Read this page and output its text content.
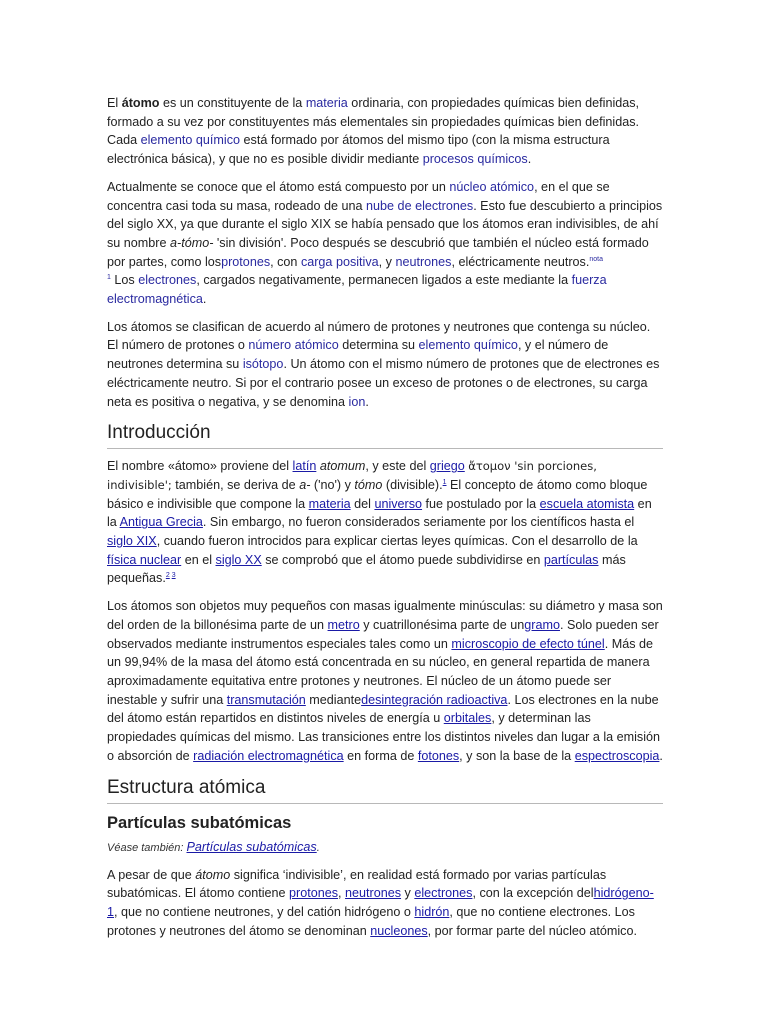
El átomo es un constituyente de la materia ordinaria, con propiedades químicas bien definidas, formado a su vez por constituyentes más elementales sin propiedades químicas bien definidas. Cada elemento químico está formado por átomos del mismo tipo (con la misma estructura electrónica básica), y que no es posible dividir mediante procesos químicos.

Actualmente se conoce que el átomo está compuesto por un núcleo atómico, en el que se concentra casi toda su masa, rodeado de una nube de electrones. Esto fue descubierto a principios del siglo XX, ya que durante el siglo XIX se había pensado que los átomos eran indivisibles, de ahí su nombre a-tómo- 'sin división'. Poco después se descubrió que también el núcleo está formado por partes, como losprotones, con carga positiva, y neutrones, eléctricamente neutros.$^{nota}$
$^1$ Los electrones, cargados negativamente, permanecen ligados a este mediante la fuerza electromagnética.

Los átomos se clasifican de acuerdo al número de protones y neutrones que contenga su núcleo. El número de protones o número atómico determina su elemento químico, y el número de neutrones determina su isótopo. Un átomo con el mismo número de protones que de electrones es eléctricamente neutro. Si por el contrario posee un exceso de protones o de electrones, su carga neta es positiva o negativa, y se denomina ion.

Introducción

El nombre «átomo» proviene del latín atomum, y este del griego ἄτομον 'sin porciones, indivisible'; también, se deriva de a- ('no') y tómo (divisible).$^1$ El concepto de átomo como bloque básico e indivisible que compone la materia del universo fue postulado por la escuela atomista en la Antigua Grecia. Sin embargo, no fueron considerados seriamente por los científicos hasta el siglo XIX, cuando fueron introcidos para explicar ciertas leyes químicas. Con el desarrollo de la física nuclear en el siglo XX se comprobó que el átomo puede subdividirse en partículas más pequeñas.$^{2 3}$

Los átomos son objetos muy pequeños con masas igualmente minúsculas: su diámetro y masa son del orden de la billonésima parte de un metro y cuatrillonésima parte de ungramo. Solo pueden ser observados mediante instrumentos especiales tales como un microscopio de efecto túnel. Más de un 99,94% de la masa del átomo está concentrada en su núcleo, en general repartida de manera aproximadamente equitativa entre protones y neutrones. El núcleo de un átomo puede ser inestable y sufrir una transmutación mediantedesintegración radioactiva. Los electrones en la nube del átomo están repartidos en distintos niveles de energía u orbitales, y determinan las propiedades químicas del mismo. Las transiciones entre los distintos niveles dan lugar a la emisión o absorción de radiación electromagnética en forma de fotones, y son la base de la espectroscopia.

Estructura atómica
Partículas subatómicas
Véase también: Partículas subatómicas.

A pesar de que átomo significa ‘indivisible’, en realidad está formado por varias partículas subatómicas. El átomo contiene protones, neutrones y electrones, con la excepción delhidrógeno-1, que no contiene neutrones, y del catión hidrógeno o hidrón, que no contiene electrones. Los protones y neutrones del átomo se denominan nucleones, por formar parte del núcleo atómico.
